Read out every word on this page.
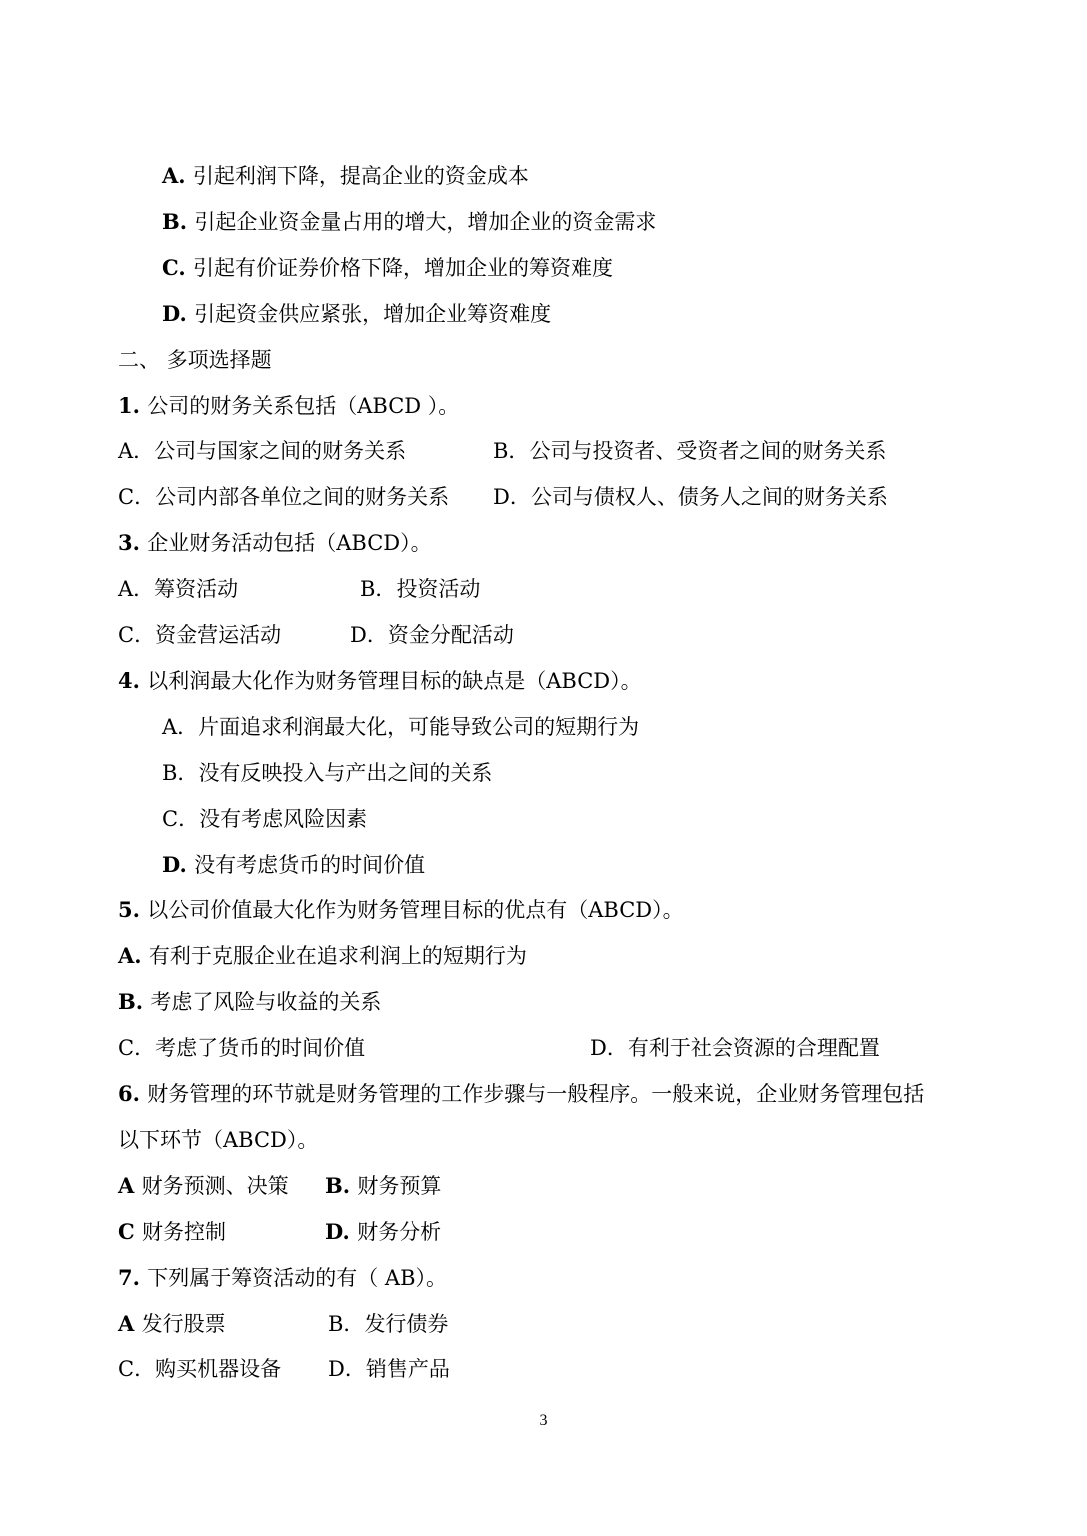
A. 引起利润下降，提高企业的资金成本
B. 引起企业资金量占用的增大，增加企业的资金需求
C. 引起有价证券价格下降，增加企业的筹资难度
D. 引起资金供应紧张，增加企业筹资难度
二、 多项选择题
1. 公司的财务关系包括（ABCD ）。
A．公司与国家之间的财务关系	B．公司与投资者、受资者之间的财务关系
C．公司内部各单位之间的财务关系 D．公司与债权人、债务人之间的财务关系
3. 企业财务活动包括（ABCD）。
A．筹资活动	B．投资活动
C．资金营运活动	D．资金分配活动
4. 以利润最大化作为财务管理目标的缺点是（ABCD）。
A．片面追求利润最大化，可能导致公司的短期行为
B．没有反映投入与产出之间的关系
C．没有考虑风险因素
D. 没有考虑货币的时间价值
5. 以公司价值最大化作为财务管理目标的优点有（ABCD）。
A. 有利于克服企业在追求利润上的短期行为
B. 考虑了风险与收益的关系
C．考虑了货币的时间价值	D．有利于社会资源的合理配置
6. 财务管理的环节就是财务管理的工作步骤与一般程序。一般来说，企业财务管理包括
以下环节（ABCD）。
A 财务预测、决策 B. 财务预算
C 财务控制	D. 财务分析
7. 下列属于筹资活动的有（ AB）。
A 发行股票	B．发行债券
C．购买机器设备 D．销售产品
3
